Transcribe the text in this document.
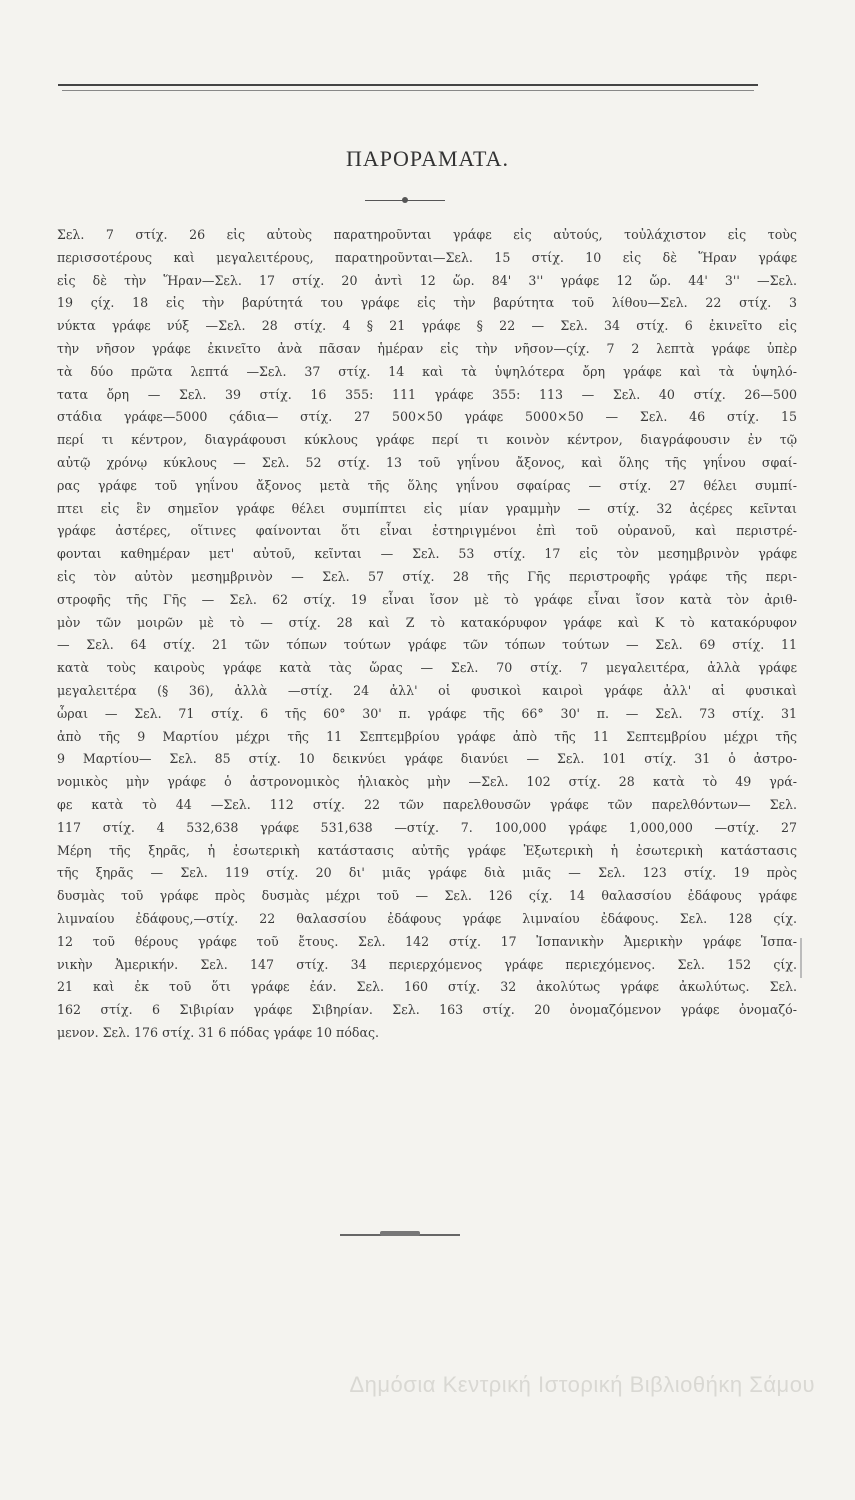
ΠΑΡΟΡΑΜΑΤΑ.
Σελ. 7 στίχ. 26 εἰς αὐτοὺς παρατηροῦνται γράφε εἰς αὐτούς, τοὐλάχιστον εἰς τοὺς
περισσοτέρους καὶ μεγαλειτέρους, παρατηροῦνται—Σελ. 15 στίχ. 10 εἰς δὲ Ἥραν γράφε
εἰς δὲ τὴν Ἥραν—Σελ. 17 στίχ. 20 ἀντὶ 12 ὥρ. 84' 3'' γράφε 12 ὥρ. 44' 3'' —Σελ.
19 ςίχ. 18 εἰς τὴν βαρύτητά του γράφε εἰς τὴν βαρύτητα τοῦ λίθου—Σελ. 22 στίχ. 3
νύκτα γράφε νύξ —Σελ. 28 στίχ. 4 § 21 γράφε § 22 — Σελ. 34 στίχ. 6 ἐκινεῖτο εἰς
τὴν νῆσον γράφε ἐκινεῖτο ἀνὰ πᾶσαν ἡμέραν εἰς τὴν νῆσον—ςίχ. 7 2 λεπτὰ γράφε ὑπὲρ
τὰ δύο πρῶτα λεπτά —Σελ. 37 στίχ. 14 καὶ τὰ ὑψηλότερα ὄρη γράφε καὶ τὰ ὑψηλό-
τατα ὄρη — Σελ. 39 στίχ. 16 355: 111 γράφε 355: 113 — Σελ. 40 στίχ. 26—500
στάδια γράφε—5000 ςάδια— στίχ. 27 500×50 γράφε 5000×50 — Σελ. 46 στίχ. 15
περί τι κέντρον, διαγράφουσι κύκλους γράφε περί τι κοινὸν κέντρον, διαγράφουσιν ἐν τῷ
αὐτῷ χρόνῳ κύκλους — Σελ. 52 στίχ. 13 τοῦ γηΐνου ἄξονος, καὶ ὅλης τῆς γηΐνου σφαί-
ρας γράφε τοῦ γηΐνου ἄξονος μετὰ τῆς ὅλης γηΐνου σφαίρας — στίχ. 27 θέλει συμπί-
πτει εἰς ἓν σημεῖον γράφε θέλει συμπίπτει εἰς μίαν γραμμὴν — στίχ. 32 ἀςέρες κεῖνται
γράφε ἀστέρες, οἵτινες φαίνονται ὅτι εἶναι ἐστηριγμένοι ἐπὶ τοῦ οὐρανοῦ, καὶ περιστρέ-
φονται καθημέραν μετ' αὐτοῦ, κεῖνται — Σελ. 53 στίχ. 17 εἰς τὸν μεσημβρινὸν γράφε
εἰς τὸν αὐτὸν μεσημβρινὸν — Σελ. 57 στίχ. 28 τῆς Γῆς περιστροφῆς γράφε τῆς περι-
στροφῆς τῆς Γῆς — Σελ. 62 στίχ. 19 εἶναι ἴσον μὲ τὸ γράφε εἶναι ἴσον κατὰ τὸν ἀριθ-
μὸν τῶν μοιρῶν μὲ τὸ — στίχ. 28 καὶ Ζ τὸ κατακόρυφον γράφε καὶ Κ τὸ κατακόρυφον
— Σελ. 64 στίχ. 21 τῶν τόπων τούτων γράφε τῶν τόπων τούτων — Σελ. 69 στίχ. 11
κατὰ τοὺς καιροὺς γράφε κατὰ τὰς ὥρας — Σελ. 70 στίχ. 7 μεγαλειτέρα, ἀλλὰ γράφε
μεγαλειτέρα (§ 36), ἀλλὰ —στίχ. 24 ἀλλ' οἱ φυσικοὶ καιροὶ γράφε ἀλλ' αἱ φυσικαὶ
ὧραι — Σελ. 71 στίχ. 6 τῆς 60° 30' π. γράφε τῆς 66° 30' π. — Σελ. 73 στίχ. 31
ἀπὸ τῆς 9 Μαρτίου μέχρι τῆς 11 Σεπτεμβρίου γράφε ἀπὸ τῆς 11 Σεπτεμβρίου μέχρι τῆς
9 Μαρτίου— Σελ. 85 στίχ. 10 δεικνύει γράφε διανύει — Σελ. 101 στίχ. 31 ὁ ἀστρο-
νομικὸς μὴν γράφε ὁ ἀστρονομικὸς ἡλιακὸς μὴν —Σελ. 102 στίχ. 28 κατὰ τὸ 49 γρά-
φε κατὰ τὸ 44 —Σελ. 112 στίχ. 22 τῶν παρελθουσῶν γράφε τῶν παρελθόντων— Σελ.
117 στίχ. 4 532,638 γράφε 531,638 —στίχ. 7. 100,000 γράφε 1,000,000 —στίχ. 27
Μέρη τῆς ξηρᾶς, ἡ ἐσωτερικὴ κατάστασις αὐτῆς γράφε Ἐξωτερικὴ ἡ ἐσωτερικὴ κατάστασις
τῆς ξηρᾶς — Σελ. 119 στίχ. 20 δι' μιᾶς γράφε διὰ μιᾶς — Σελ. 123 στίχ. 19 πρὸς
δυσμὰς τοῦ γράφε πρὸς δυσμὰς μέχρι τοῦ — Σελ. 126 ςίχ. 14 θαλασσίου ἐδάφους γράφε
λιμναίου ἐδάφους,—στίχ. 22 θαλασσίου ἐδάφους γράφε λιμναίου ἐδάφους. Σελ. 128 ςίχ.
12 τοῦ θέρους γράφε τοῦ ἔτους. Σελ. 142 στίχ. 17 Ἰσπανικὴν Ἀμερικὴν γράφε Ἱσπα-
νικὴν Ἀμερικήν. Σελ. 147 στίχ. 34 περιερχόμενος γράφε περιεχόμενος. Σελ. 152 ςίχ.
21 καὶ ἐκ τοῦ ὅτι γράφε ἐάν. Σελ. 160 στίχ. 32 ἀκολύτως γράφε ἀκωλύτως. Σελ.
162 στίχ. 6 Σιβιρίαν γράφε Σιβηρίαν. Σελ. 163 στίχ. 20 ὀνομαζόμενον γράφε ὀνομαζό-
μενον. Σελ. 176 στίχ. 31 6 πόδας γράφε 10 πόδας.
Δημόσια Κεντρική Ιστορική Βιβλιοθήκη Σάμου
